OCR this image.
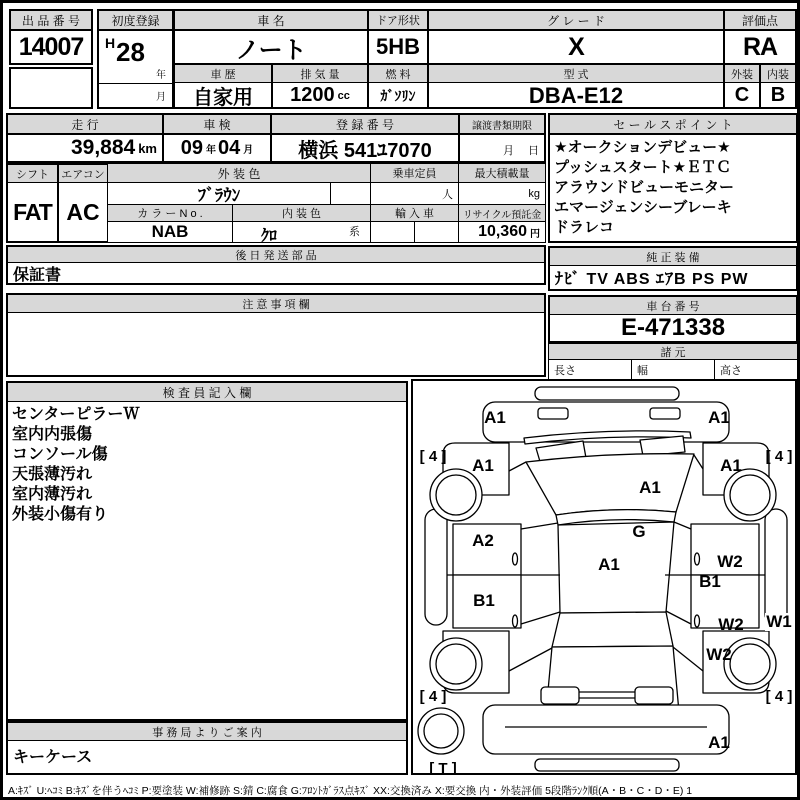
出 品 番 号
14007
初度登録
H 28
年
月
車 名
ノート
ドア形状
5HB
グ レ ー ド
X
評価点
RA
車 歴
自家用
排 気 量
1200 cc
燃 料
ｶﾞｿﾘﾝ
型 式
DBA-E12
外装
C
内装
B
走 行
39,884 km
車 検
09 年 04 月
登 録 番 号
横浜 541ﾕ7070
譲渡書類期限
月 日
シフト
FAT
エアコン
AC
外 装 色
ﾌﾞﾗｳﾝ
乗車定員
人
最大積載量
kg
カ ラ ー N o .
NAB
内 装 色
ｸﾛ	系
輸 入 車	リサイクル預託金
10,360 円
セ ー ル ス ポ イ ン ト
★オークションデビュー★
プッシュスタート★ＥＴＣ
アラウンドビューモニター
エマージェンシーブレーキ
ドラレコ
純 正 装 備
ﾅﾋﾞ TV ABS ｴｱB PS PW
後 日 発 送 部 品
保証書
注 意 事 項 欄	車 台 番 号
E-471338
諸 元
長さ	幅	高さ
検 査 員 記 入 欄
センターピラーＷ
室内内張傷
コンソール傷
天張薄汚れ
室内薄汚れ
外装小傷有り
事 務 局 よ り ご 案 内
キーケース
A:ｷｽﾞ U:ﾍｺﾐ B:ｷｽﾞを伴うﾍｺﾐ P:要塗装 W:補修跡 S:錆 C:腐食 G:ﾌﾛﾝﾄｶﾞﾗｽ点ｷｽﾞ XX:交換済み X:要交換 内・外装評価 5段階ﾗﾝｸ順(A・B・C・D・E) 1
A1	A1
[ 4 ]	[ 4 ]
A1	A1
A1
G
A2
A1	W2
B1
B1
W2 W1
W2
[ 4 ]	[ 4 ]
A1
[ T ]
